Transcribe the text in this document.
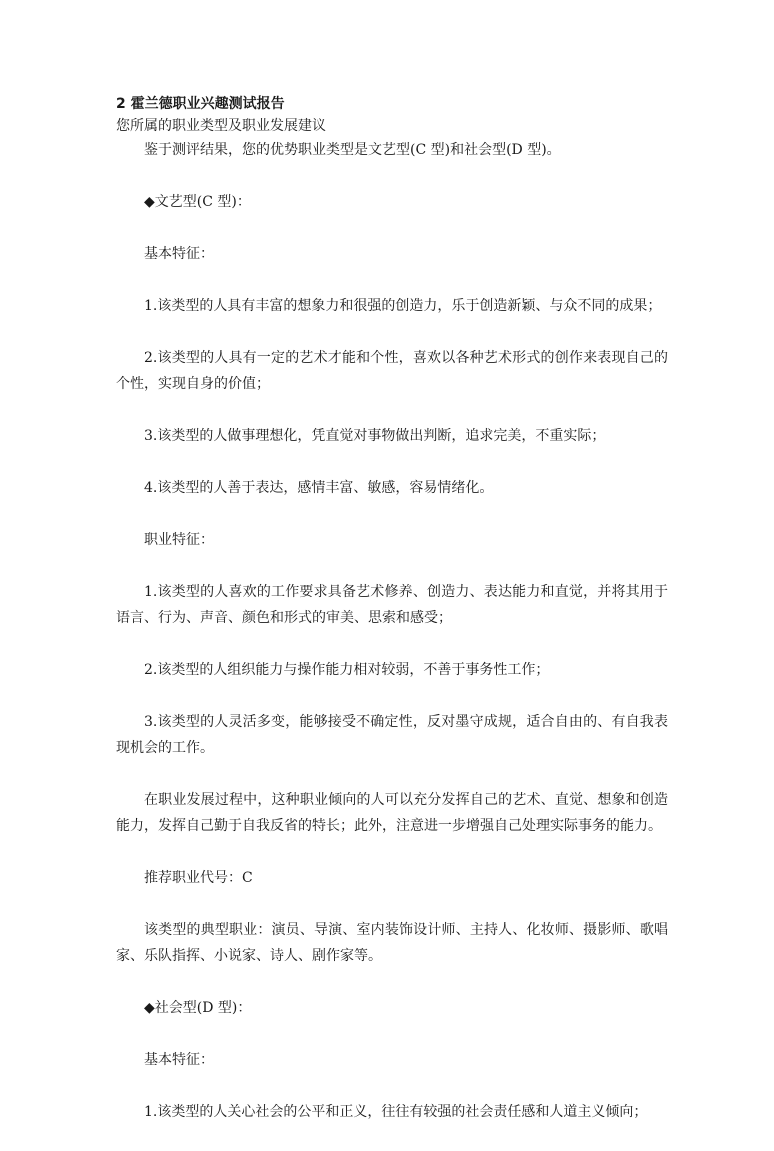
2 霍兰德职业兴趣测试报告

您所属的职业类型及职业发展建议

鉴于测评结果，您的优势职业类型是文艺型(C 型)和社会型(D 型)。

◆文艺型(C 型)：

基本特征：

1.该类型的人具有丰富的想象力和很强的创造力，乐于创造新颖、与众不同的成果；

2.该类型的人具有一定的艺术才能和个性，喜欢以各种艺术形式的创作来表现自己的个性，实现自身的价值；

3.该类型的人做事理想化，凭直觉对事物做出判断，追求完美，不重实际；

4.该类型的人善于表达，感情丰富、敏感，容易情绪化。

职业特征：

1.该类型的人喜欢的工作要求具备艺术修养、创造力、表达能力和直觉，并将其用于语言、行为、声音、颜色和形式的审美、思索和感受；

2.该类型的人组织能力与操作能力相对较弱，不善于事务性工作；

3.该类型的人灵活多变，能够接受不确定性，反对墨守成规，适合自由的、有自我表现机会的工作。

在职业发展过程中，这种职业倾向的人可以充分发挥自己的艺术、直觉、想象和创造能力，发挥自己勤于自我反省的特长；此外，注意进一步增强自己处理实际事务的能力。

推荐职业代号：C

该类型的典型职业：演员、导演、室内装饰设计师、主持人、化妆师、摄影师、歌唱家、乐队指挥、小说家、诗人、剧作家等。

◆社会型(D 型)：

基本特征：

1.该类型的人关心社会的公平和正义，往往有较强的社会责任感和人道主义倾向；
